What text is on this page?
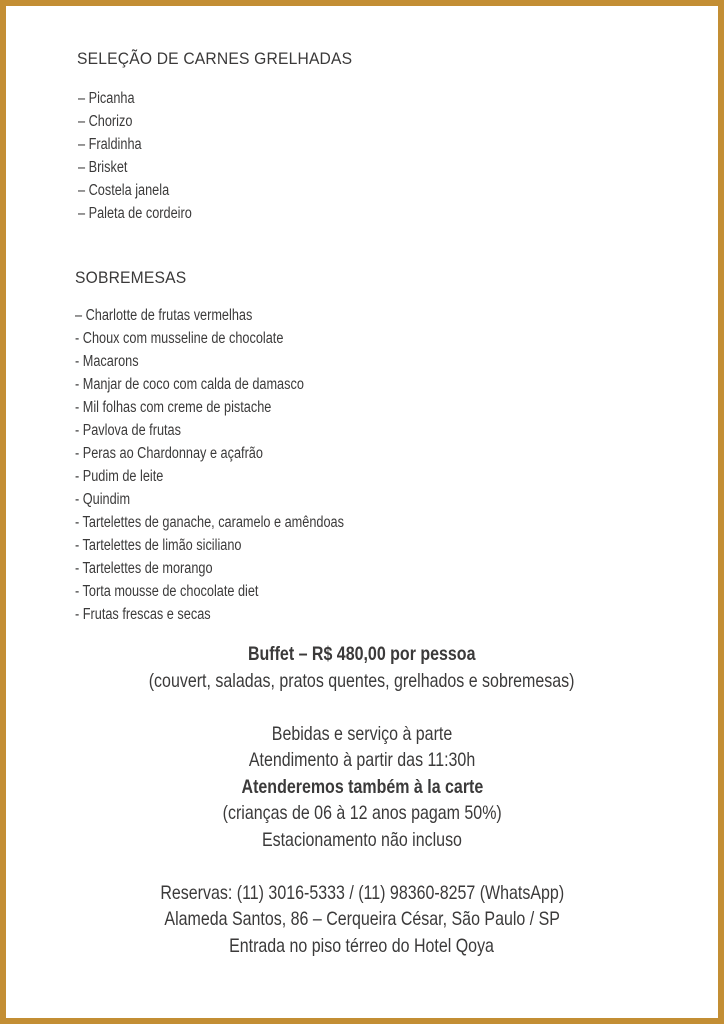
SELEÇÃO DE CARNES GRELHADAS
– Picanha
– Chorizo
– Fraldinha
– Brisket
– Costela janela
– Paleta de cordeiro
SOBREMESAS
– Charlotte de frutas vermelhas
- Choux com musseline de chocolate
- Macarons
- Manjar de coco com calda de damasco
- Mil folhas com creme de pistache
- Pavlova de frutas
- Peras ao Chardonnay e açafrão
- Pudim de leite
- Quindim
- Tartelettes de ganache, caramelo e amêndoas
- Tartelettes de limão siciliano
- Tartelettes de morango
- Torta mousse de chocolate diet
- Frutas frescas e secas
Buffet – R$ 480,00 por pessoa
(couvert, saladas, pratos quentes, grelhados e sobremesas)
Bebidas e serviço à parte
Atendimento à partir das 11:30h
Atenderemos também à la carte
(crianças de 06 à 12 anos pagam 50%)
Estacionamento não incluso
Reservas: (11) 3016-5333 / (11) 98360-8257 (WhatsApp)
Alameda Santos, 86 – Cerqueira César, São Paulo / SP
Entrada no piso térreo do Hotel Qoya
